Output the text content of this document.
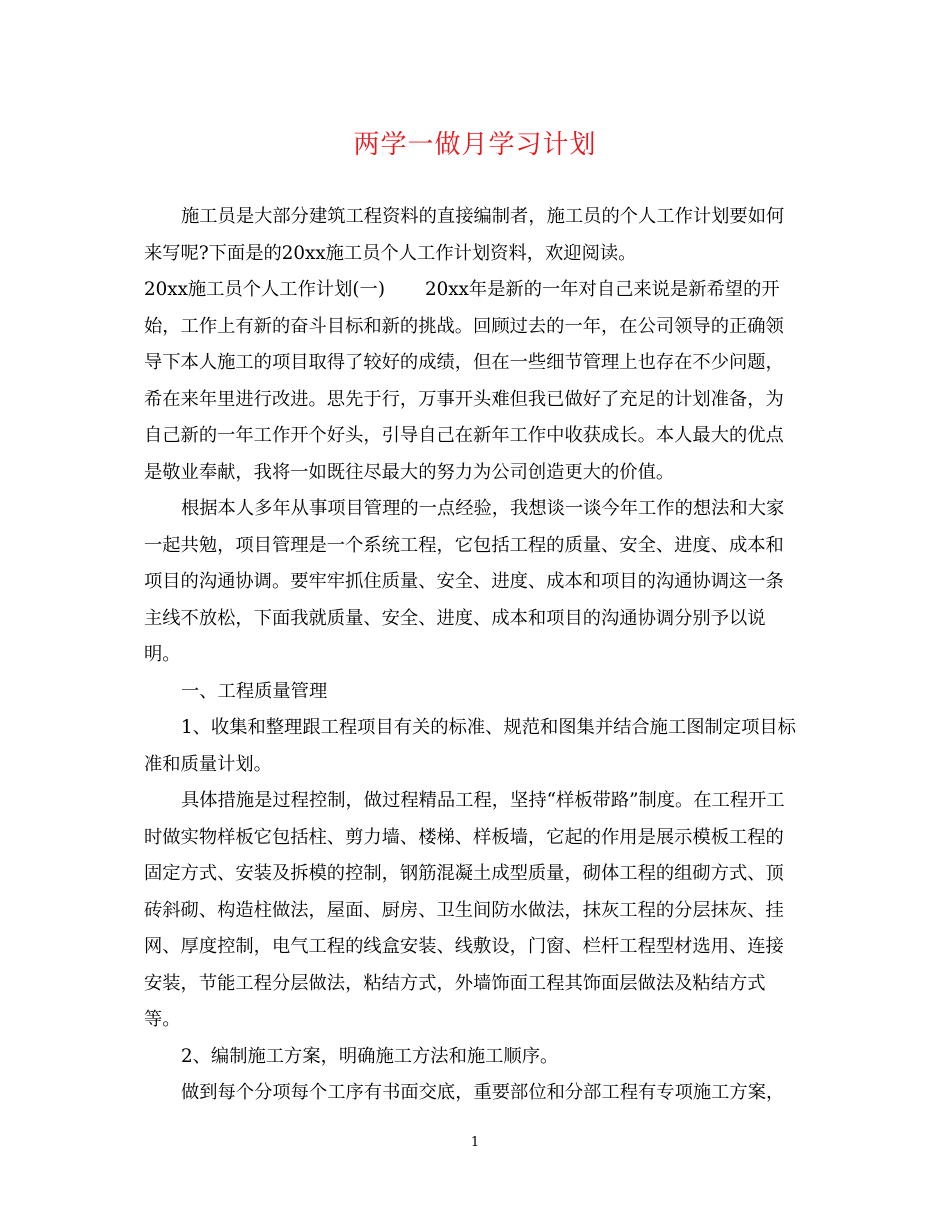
两学一做月学习计划
施工员是大部分建筑工程资料的直接编制者，施工员的个人工作计划要如何
来写呢?下面是的20xx施工员个人工作计划资料，欢迎阅读。
20xx施工员个人工作计划(一) 20xx年是新的一年对自己来说是新希望的开
始，工作上有新的奋斗目标和新的挑战。回顾过去的一年，在公司领导的正确领
导下本人施工的项目取得了较好的成绩，但在一些细节管理上也存在不少问题，
希在来年里进行改进。思先于行，万事开头难但我已做好了充足的计划准备，为
自己新的一年工作开个好头，引导自己在新年工作中收获成长。本人最大的优点
是敬业奉献，我将一如既往尽最大的努力为公司创造更大的价值。
根据本人多年从事项目管理的一点经验，我想谈一谈今年工作的想法和大家
一起共勉，项目管理是一个系统工程，它包括工程的质量、安全、进度、成本和
项目的沟通协调。要牢牢抓住质量、安全、进度、成本和项目的沟通协调这一条
主线不放松，下面我就质量、安全、进度、成本和项目的沟通协调分别予以说
明。
一、工程质量管理
1、收集和整理跟工程项目有关的标准、规范和图集并结合施工图制定项目标
准和质量计划。
具体措施是过程控制，做过程精品工程，坚持“样板带路”制度。在工程开工
时做实物样板它包括柱、剪力墙、楼梯、样板墙，它起的作用是展示模板工程的
固定方式、安装及拆模的控制，钢筋混凝土成型质量，砌体工程的组砌方式、顶
砖斜砌、构造柱做法，屋面、厨房、卫生间防水做法，抹灰工程的分层抹灰、挂
网、厚度控制，电气工程的线盒安装、线敷设，门窗、栏杆工程型材选用、连接
安装，节能工程分层做法，粘结方式，外墙饰面工程其饰面层做法及粘结方式
等。
2、编制施工方案，明确施工方法和施工顺序。
做到每个分项每个工序有书面交底，重要部位和分部工程有专项施工方案，
1
